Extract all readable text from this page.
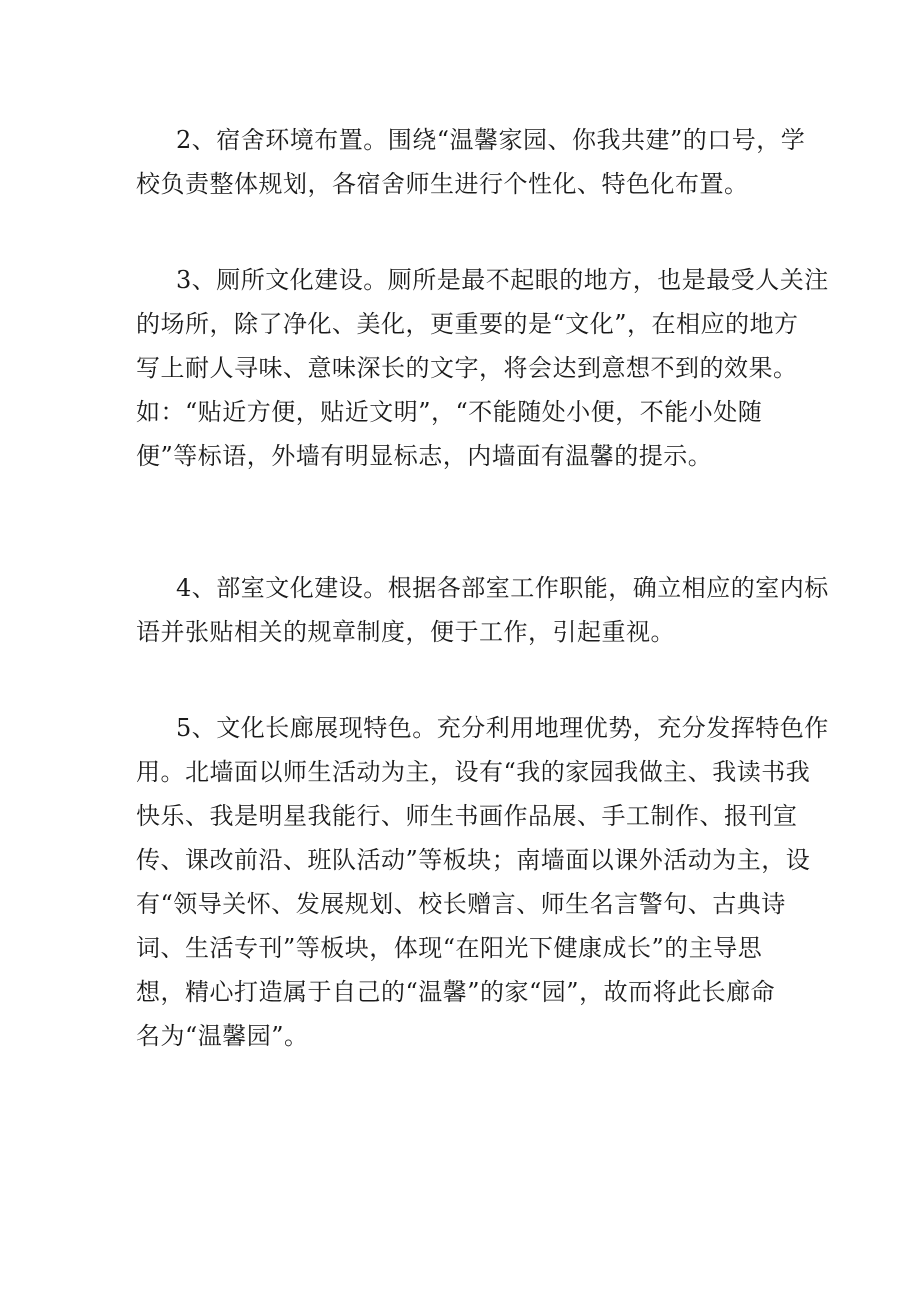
2、宿舍环境布置。围绕“温馨家园、你我共建”的口号，学
校负责整体规划，各宿舍师生进行个性化、特色化布置。
3、厕所文化建设。厕所是最不起眼的地方，也是最受人关注
的场所，除了净化、美化，更重要的是“文化”，在相应的地方
写上耐人寻味、意味深长的文字，将会达到意想不到的效果。
如：“贴近方便，贴近文明”，“不能随处小便，不能小处随
便”等标语，外墙有明显标志，内墙面有温馨的提示。
4、部室文化建设。根据各部室工作职能，确立相应的室内标
语并张贴相关的规章制度，便于工作，引起重视。
5、文化长廊展现特色。充分利用地理优势，充分发挥特色作
用。北墙面以师生活动为主，设有“我的家园我做主、我读书我
快乐、我是明星我能行、师生书画作品展、手工制作、报刊宣
传、课改前沿、班队活动”等板块；南墙面以课外活动为主，设
有“领导关怀、发展规划、校长赠言、师生名言警句、古典诗
词、生活专刊”等板块，体现“在阳光下健康成长”的主导思
想，精心打造属于自己的“温馨”的家“园”，故而将此长廊命
名为“温馨园”。
